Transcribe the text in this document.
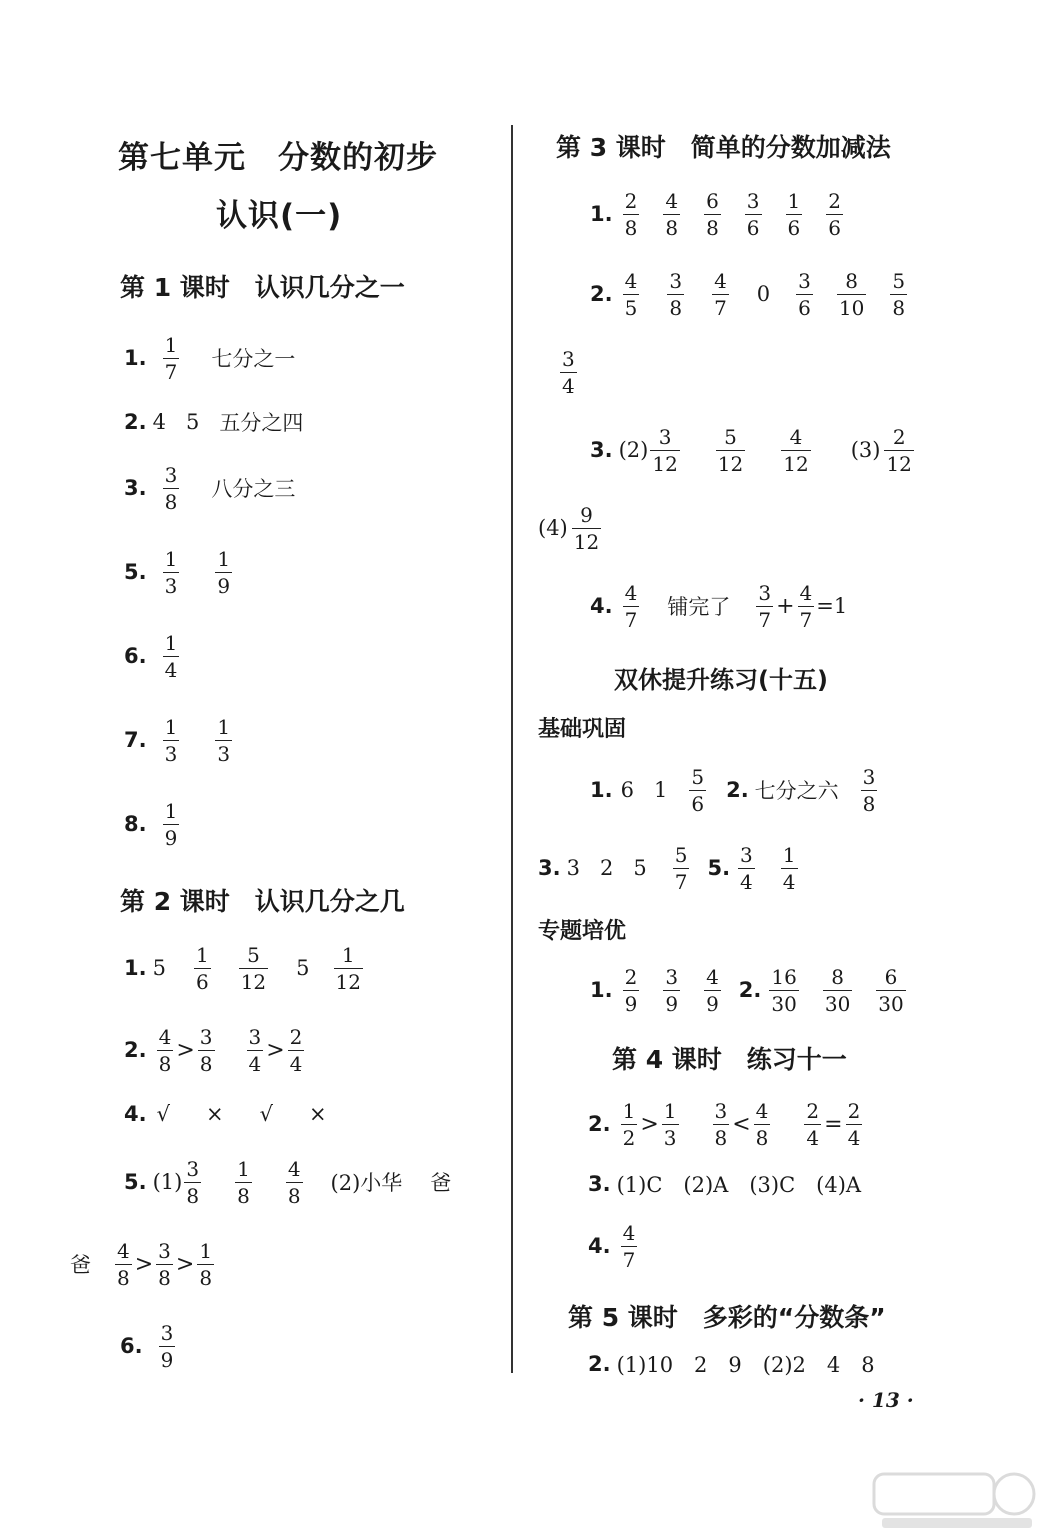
第七单元　分数的初步
认识(一)
第 1 课时　认识几分之一
1. $\frac{1}{7}$ 七分之一
2. 4 5 五分之四
3. $\frac{3}{8}$ 八分之三
5. $\frac{1}{3} \frac{1}{9}$
6. $\frac{1}{4}$
7. $\frac{1}{3} \frac{1}{3}$
8. $\frac{1}{9}$
第 2 课时　认识几分之几
1. $5 \frac{1}{6} \frac{5}{12} 5 \frac{1}{12}$
2. $\frac{4}{8} > \frac{3}{8} \frac{3}{4} > \frac{2}{4}$
4. √ × √ ×
5. $(1) \frac{3}{8} \frac{1}{8} \frac{4}{8} (2)$小华 爸
爸 $\frac{4}{8} > \frac{3}{8} > \frac{1}{8}$
6. $\frac{3}{9}$
第 3 课时　简单的分数加减法
1. $\frac{2}{8} \frac{4}{8} \frac{6}{8} \frac{3}{6} \frac{1}{6} \frac{2}{6}$
2. $\frac{4}{5} \frac{3}{8} \frac{4}{7} 0 \frac{3}{6} \frac{8}{10} \frac{5}{8}$
$\frac{3}{4}$
3. $(2) \frac{3}{12} \frac{5}{12} \frac{4}{12} (3) \frac{2}{12}$
$(4) \frac{9}{12}$
4. $\frac{4}{7}$ 铺完了 $\frac{3}{7} + \frac{4}{7} =1$
双休提升练习(十五)
基础巩固
1. 6 $1 \frac{5}{6} 2$. 七分之六 $\frac{3}{8}$
3. 3 2 $5 \frac{5}{7} 5$. $\frac{3}{4} \frac{1}{4}$
专题培优
1. $\frac{2}{9} \frac{3}{9} \frac{4}{9} 2$. $\frac{16}{30} \frac{8}{30} \frac{6}{30}$
第 4 课时　练习十一
2. $\frac{1}{2} > \frac{1}{3} \frac{3}{8} < \frac{4}{8} \frac{2}{4} = \frac{2}{4}$
3. (1)C　(2)A　(3)C　(4)A
4. $\frac{4}{7}$
第 5 课时　多彩的“分数条”
2. (1)10　2　9　(2)2　4　8
· 13 ·
